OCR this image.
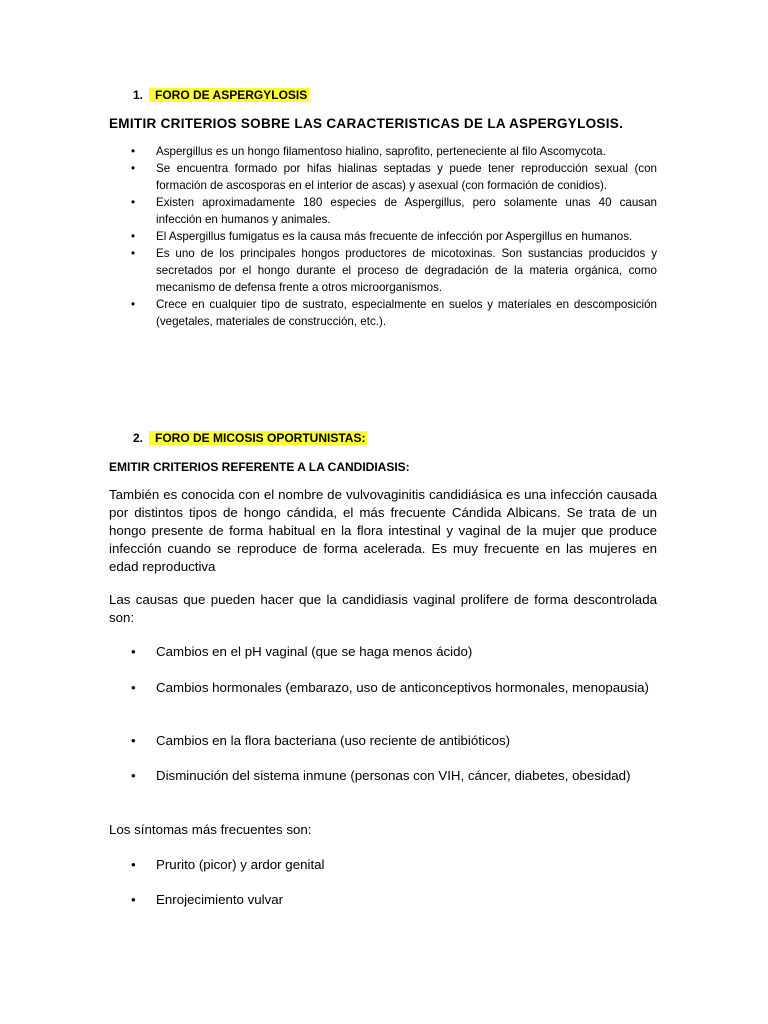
1. FORO DE ASPERGYLOSIS
EMITIR CRITERIOS SOBRE LAS CARACTERISTICAS DE LA ASPERGYLOSIS.
• Aspergillus es un hongo filamentoso hialino, saprofito, perteneciente al filo Ascomycota.
• Se encuentra formado por hifas hialinas septadas y puede tener reproducción sexual (con formación de ascosporas en el interior de ascas) y asexual (con formación de conidios).
• Existen aproximadamente 180 especies de Aspergillus, pero solamente unas 40 causan infección en humanos y animales.
• El Aspergillus fumigatus es la causa más frecuente de infección por Aspergillus en humanos.
• Es uno de los principales hongos productores de micotoxinas. Son sustancias producidos y secretados por el hongo durante el proceso de degradación de la materia orgánica, como mecanismo de defensa frente a otros microorganismos.
• Crece en cualquier tipo de sustrato, especialmente en suelos y materiales en descomposición (vegetales, materiales de construcción, etc.).
2. FORO DE MICOSIS OPORTUNISTAS:
EMITIR CRITERIOS REFERENTE A LA CANDIDIASIS:

También es conocida con el nombre de vulvovaginitis candidiásica es una infección causada por distintos tipos de hongo cándida, el más frecuente Cándida Albicans. Se trata de un hongo presente de forma habitual en la flora intestinal y vaginal de la mujer que produce infección cuando se reproduce de forma acelerada. Es muy frecuente en las mujeres en edad reproductiva

Las causas que pueden hacer que la candidiasis vaginal prolifere de forma descontrolada son:

• Cambios en el pH vaginal (que se haga menos ácido)
• Cambios hormonales (embarazo, uso de anticonceptivos hormonales, menopausia)
• Cambios en la flora bacteriana (uso reciente de antibióticos)
• Disminución del sistema inmune (personas con VIH, cáncer, diabetes, obesidad)

Los síntomas más frecuentes son:

• Prurito (picor) y ardor genital
• Enrojecimiento vulvar
